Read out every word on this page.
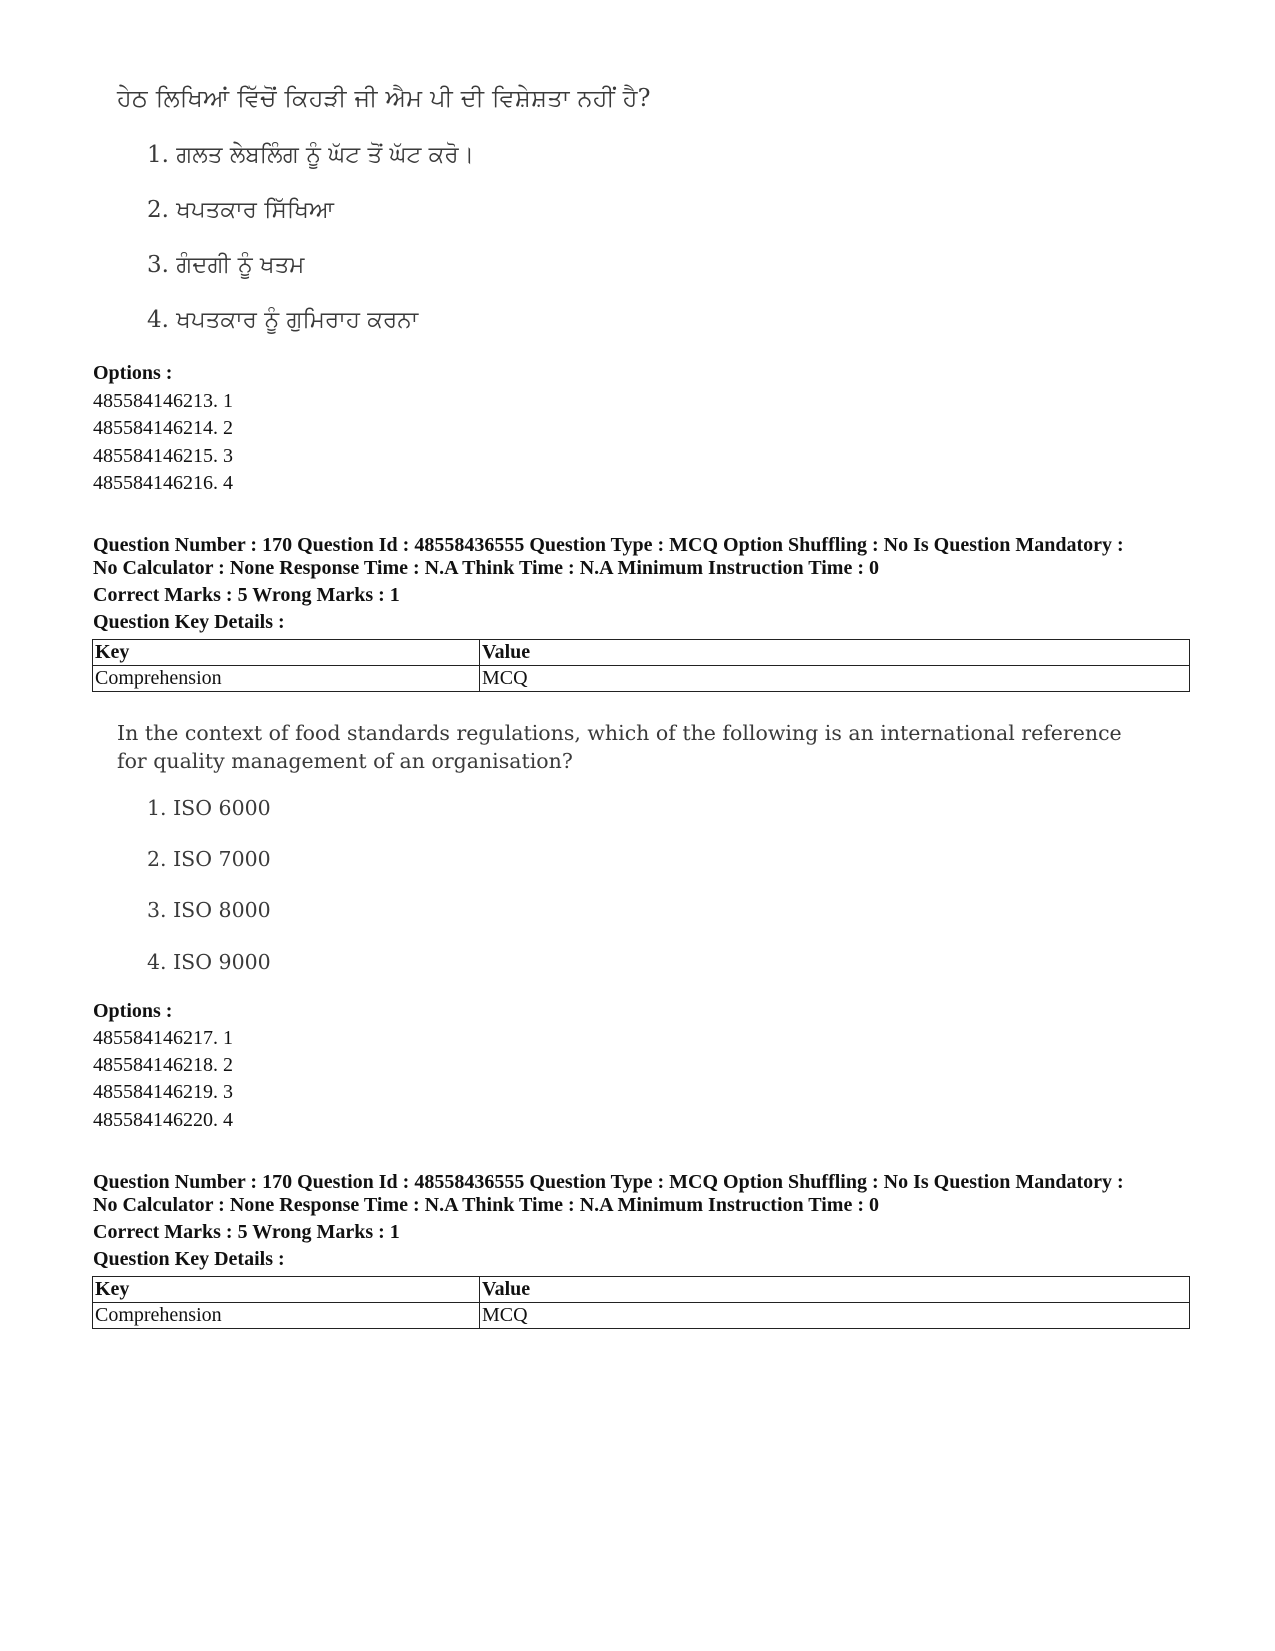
ਹੇਠ ਲਿਖਿਆਂ ਵਿੱਚੋਂ ਕਿਹੜੀ ਜੀ ਐਮ ਪੀ ਦੀ ਵਿਸ਼ੇਸ਼ਤਾ ਨਹੀਂ ਹੈ?
1. ਗਲਤ ਲੇਬਲਿੰਗ ਨੂੰ ਘੱਟ ਤੋਂ ਘੱਟ ਕਰੋ।
2. ਖਪਤਕਾਰ ਸਿੱਖਿਆ
3. ਗੰਦਗੀ ਨੂੰ ਖਤਮ
4. ਖਪਤਕਾਰ ਨੂੰ ਗੁਮਿਰਾਹ ਕਰਨਾ
Options :
485584146213. 1
485584146214. 2
485584146215. 3
485584146216. 4
Question Number : 170 Question Id : 48558436555 Question Type : MCQ Option Shuffling : No Is Question Mandatory :
No Calculator : None Response Time : N.A Think Time : N.A Minimum Instruction Time : 0
Correct Marks : 5 Wrong Marks : 1
Question Key Details :
Key	Value
Comprehension	MCQ
In the context of food standards regulations, which of the following is an international reference for quality management of an organisation?
1. ISO 6000
2. ISO 7000
3. ISO 8000
4. ISO 9000
Options :
485584146217. 1
485584146218. 2
485584146219. 3
485584146220. 4
Question Number : 170 Question Id : 48558436555 Question Type : MCQ Option Shuffling : No Is Question Mandatory :
No Calculator : None Response Time : N.A Think Time : N.A Minimum Instruction Time : 0
Correct Marks : 5 Wrong Marks : 1
Question Key Details :
Key	Value
Comprehension	MCQ
